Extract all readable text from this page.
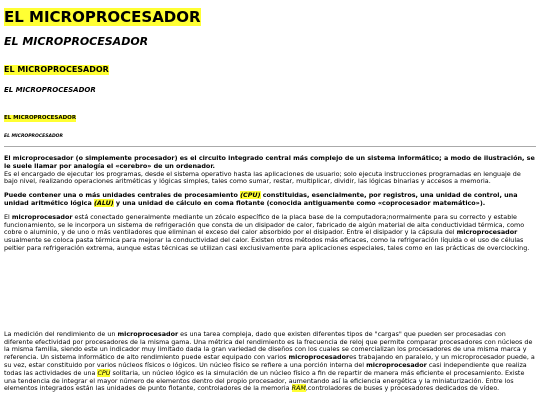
EL MICROPROCESADOR
EL MICROPROCESADOR
EL MICROPROCESADOR
EL MICROPROCESADOR
EL MICROPROCESADOR
EL MICROPROCESADOR

El microprocesador (o simplemente procesador) es el circuito integrado central más complejo de un sistema informático; a modo de ilustración, se le suele llamar por analogía el «cerebro» de un ordenador.
Es el encargado de ejecutar los programas, desde el sistema operativo hasta las aplicaciones de usuario; solo ejecuta instrucciones programadas en lenguaje de bajo nivel, realizando operaciones aritméticas y lógicas simples, tales como sumar, restar, multiplicar, dividir, las lógicas binarias y accesos a memoria.

Puede contener una o más unidades centrales de procesamiento (CPU) constituidas, esencialmente, por registros, una unidad de control, una unidad aritmético lógica (ALU) y una unidad de cálculo en coma flotante (conocida antiguamente como «coprocesador matemático»).

El microprocesador está conectado generalmente mediante un zócalo específico de la placa base de la computadora;normalmente para su correcto y estable funcionamiento, se le incorpora un sistema de refrigeración que consta de un disipador de calor, fabricado de algún material de alta conductividad térmica, como cobre o aluminio, y de uno o más ventiladores que eliminan el exceso del calor absorbido por el disipador. Entre el disipador y la cápsula del microprocesador usualmente se coloca pasta térmica para mejorar la conductividad del calor. Existen otros métodos más eficaces, como la refrigeración líquida o el uso de células peltier para refrigeración extrema, aunque estas técnicas se utilizan casi exclusivamente para aplicaciones especiales, tales como en las prácticas de overclocking.

La medición del rendimiento de un microprocesador es una tarea compleja, dado que existen diferentes tipos de "cargas" que pueden ser procesadas con diferente efectividad por procesadores de la misma gama. Una métrica del rendimiento es la frecuencia de reloj que permite comparar procesadores con núcleos de la misma familia, siendo este un indicador muy limitado dada la gran variedad de diseños con los cuales se comercializan los procesadores de una misma marca y referencia. Un sistema informático de alto rendimiento puede estar equipado con varios microprocesadores trabajando en paralelo, y un microprocesador puede, a su vez, estar constituido por varios núcleos físicos o lógicos. Un núcleo físico se refiere a una porción interna del microprocesador casi independiente que realiza todas las actividades de una CPU solitaria, un núcleo lógico es la simulación de un núcleo físico a fin de repartir de manera más eficiente el procesamiento. Existe una tendencia de integrar el mayor número de elementos dentro del propio procesador, aumentando así la eficiencia energética y la miniaturización. Entre los elementos integrados están las unidades de punto flotante, controladores de la memoria RAM,controladores de buses y procesadores dedicados de vídeo.
